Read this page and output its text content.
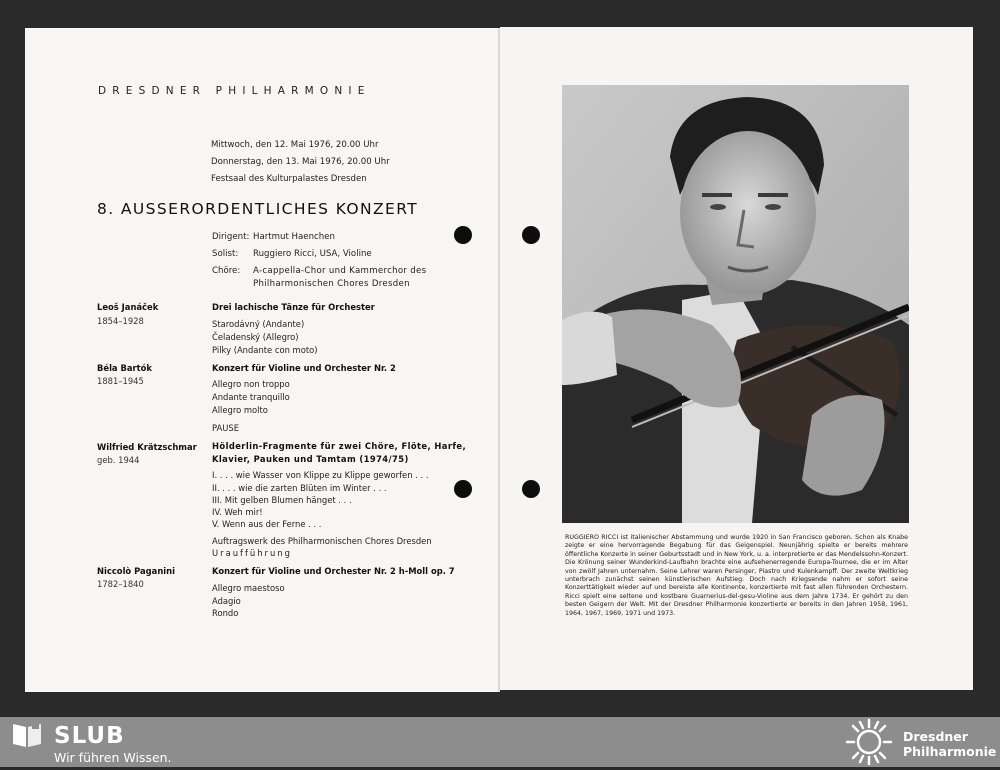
DRESDNER PHILHARMONIE
Mittwoch, den 12. Mai 1976, 20.00 Uhr
Donnerstag, den 13. Mai 1976, 20.00 Uhr
Festsaal des Kulturpalastes Dresden
8. AUSSERORDENTLICHES KONZERT
Dirigent: Hartmut Haenchen
Solist: Ruggiero Ricci, USA, Violine
Chöre: A-cappella-Chor und Kammerchor des
Philharmonischen Chores Dresden
Leoš Janáček
1854–1928
Drei lachische Tänze für Orchester
Starodávný (Andante)
Čeladenský (Allegro)
Pilky (Andante con moto)
Béla Bartók
1881–1945
Konzert für Violine und Orchester Nr. 2
Allegro non troppo
Andante tranquillo
Allegro molto
PAUSE
Wilfried Krätzschmar
geb. 1944
Hölderlin-Fragmente für zwei Chöre, Flöte, Harfe,
Klavier, Pauken und Tamtam (1974/75)
I. . . . wie Wasser von Klippe zu Klippe geworfen . . .
II. . . . wie die zarten Blüten im Winter . . .
III. Mit gelben Blumen hänget . . .
IV. Weh mir!
V. Wenn aus der Ferne . . .
Auftragswerk des Philharmonischen Chores Dresden
Uraufführung
Niccolò Paganini
1782–1840
Konzert für Violine und Orchester Nr. 2 h-Moll op. 7
Allegro maestoso
Adagio
Rondo
RUGGIERO RICCI ist italienischer Abstammung und wurde 1920 in San Francisco geboren. Schon als Knabe zeigte er eine hervorragende Begabung für das Geigenspiel. Neunjährig spielte er bereits mehrere öffentliche Konzerte in seiner Geburtsstadt und in New York, u. a. interpretierte er das Mendelssohn-Konzert. Die Krönung seiner Wunderkind-Laufbahn brachte eine aufsehenerregende Europa-Tournee, die er im Alter von zwölf Jahren unternahm. Seine Lehrer waren Persinger, Piastro und Kulenkampff. Der zweite Weltkrieg unterbrach zunächst seinen künstlerischen Aufstieg. Doch nach Kriegsende nahm er sofort seine Konzerttätigkeit wieder auf und bereiste alle Kontinente, konzertierte mit fast allen führenden Orchestern. Ricci spielt eine seltene und kostbare Guarnerius-del-gesu-Violine aus dem Jahre 1734. Er gehört zu den besten Geigern der Welt. Mit der Dresdner Philharmonie konzertierte er bereits in den Jahren 1958, 1961, 1964, 1967, 1969, 1971 und 1973.
SLUB
Wir führen Wissen.
Dresdner
Philharmonie
